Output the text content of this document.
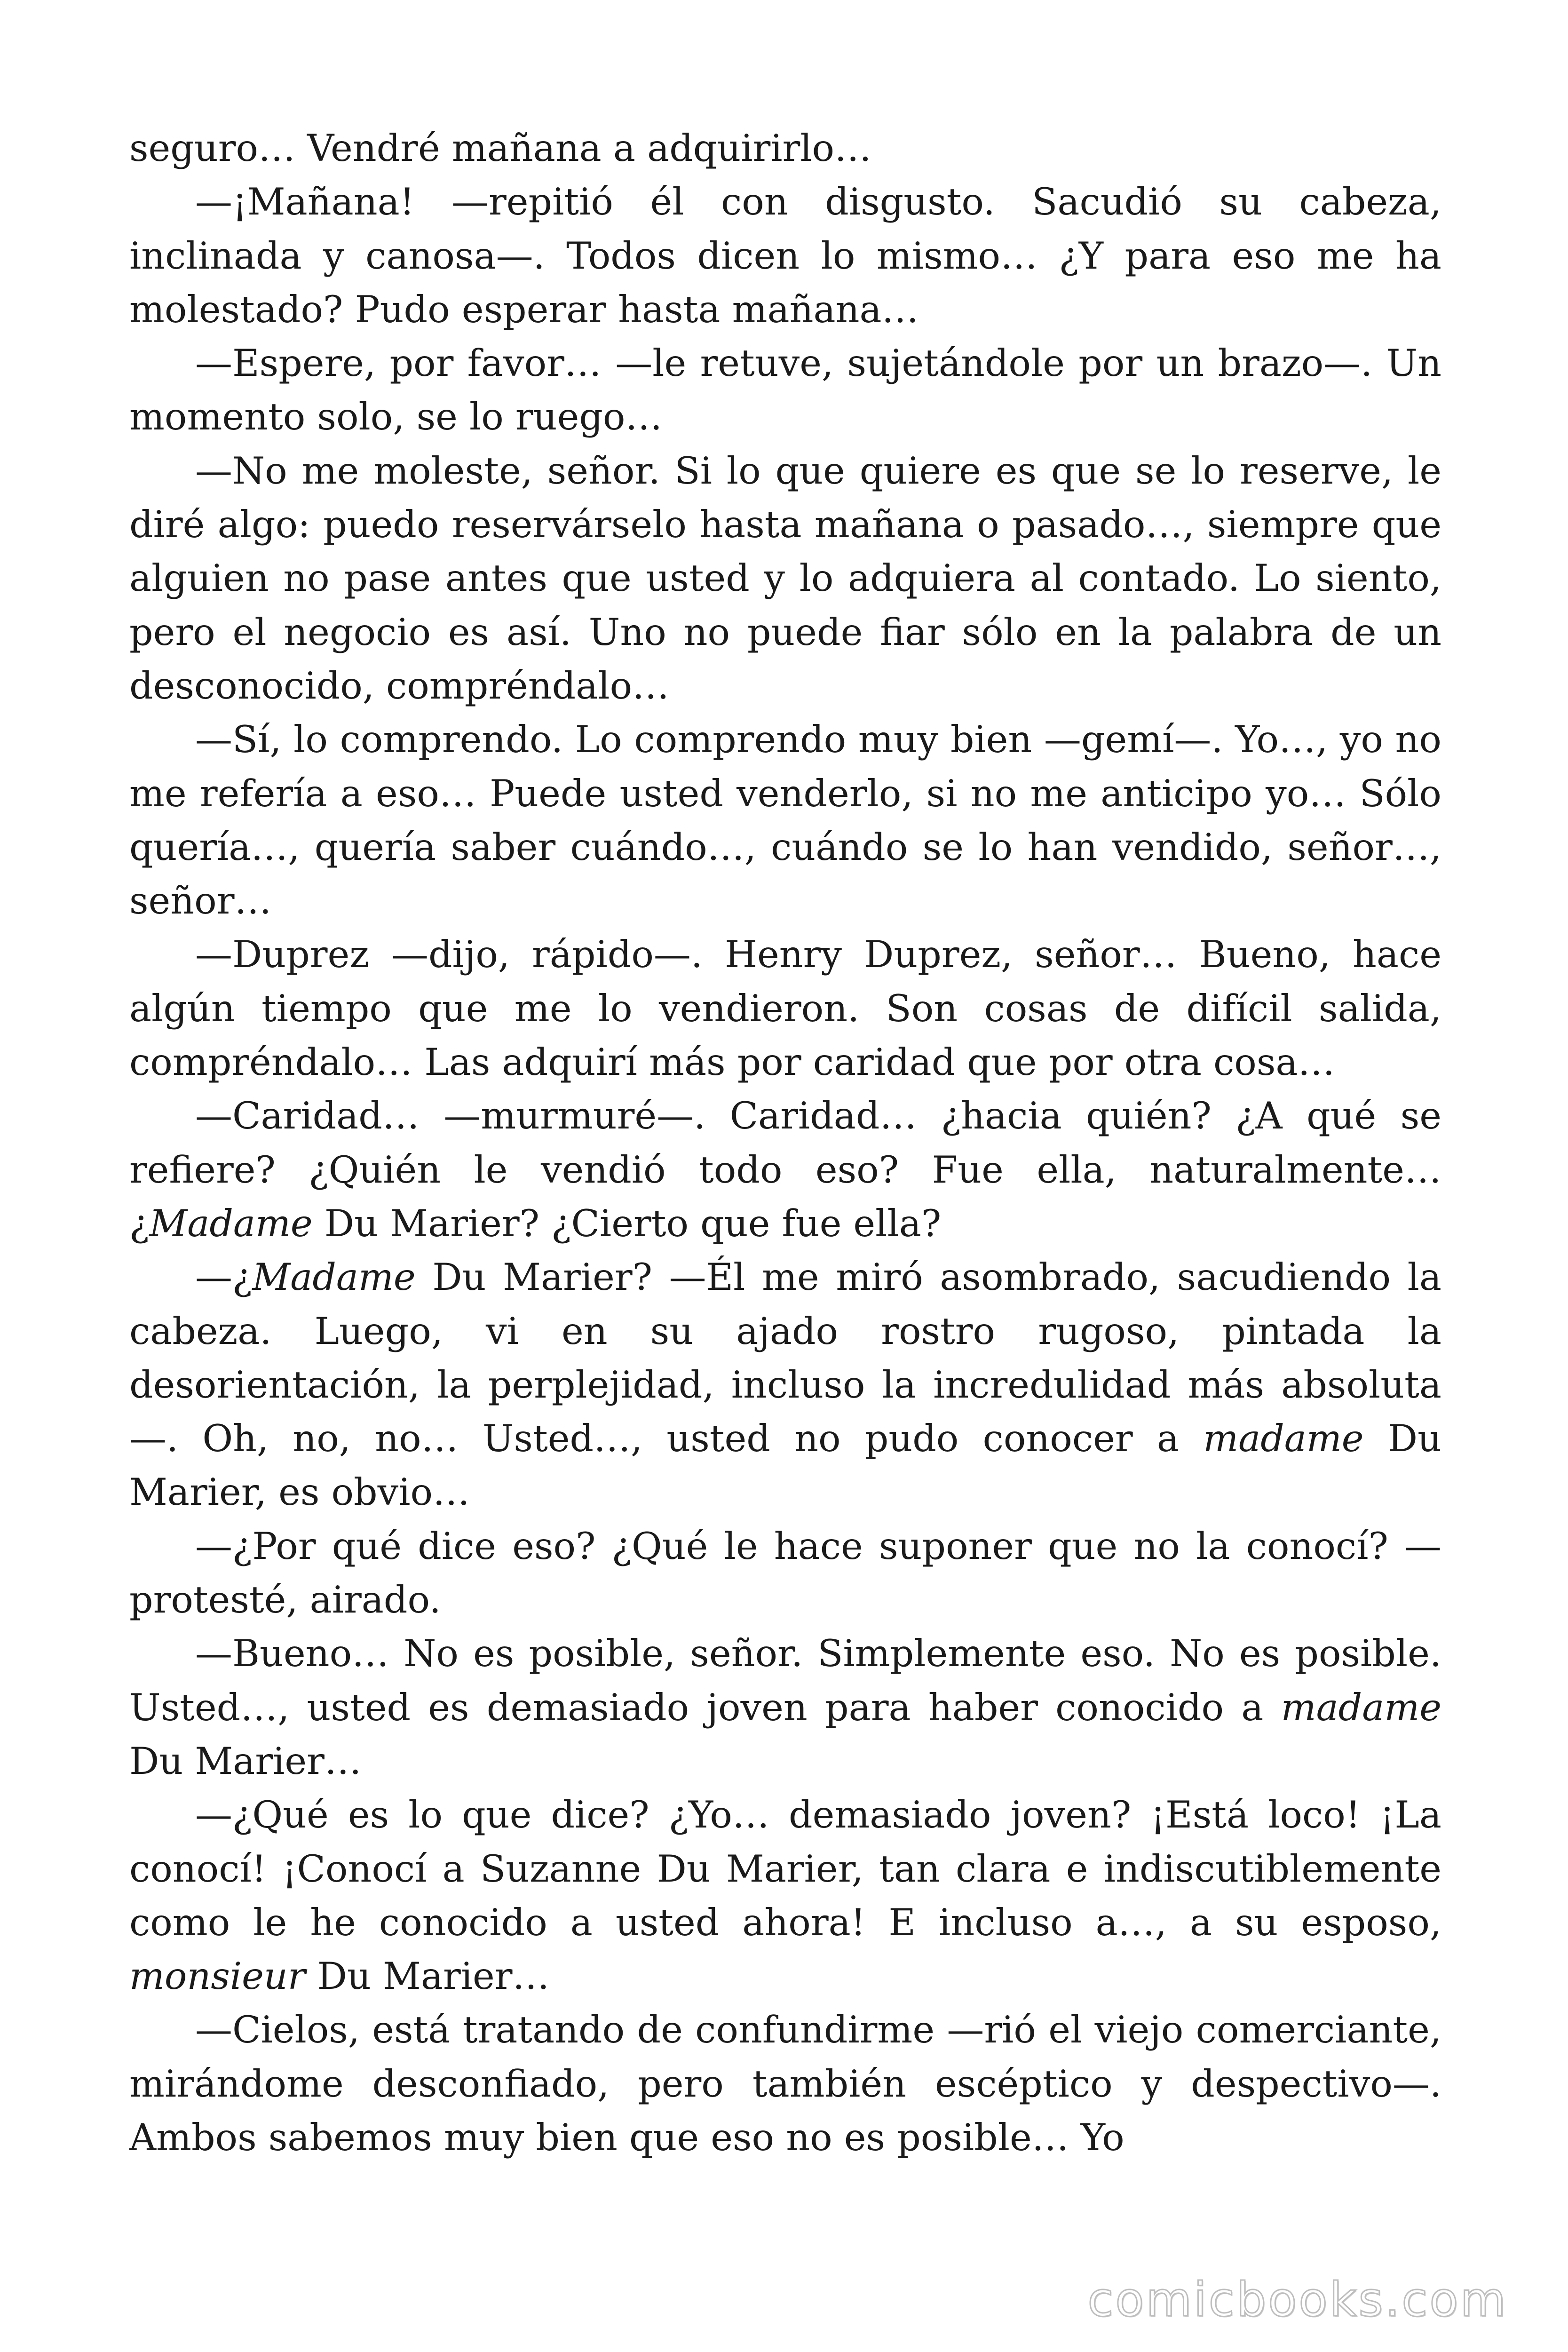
seguro… Vendré mañana a adquirirlo…

—¡Mañana! —repitió él con disgusto. Sacudió su cabeza, inclinada y canosa—. Todos dicen lo mismo… ¿Y para eso me ha molestado? Pudo esperar hasta mañana…

—Espere, por favor… —le retuve, sujetándole por un brazo—. Un momento solo, se lo ruego…

—No me moleste, señor. Si lo que quiere es que se lo reserve, le diré algo: puedo reservárselo hasta mañana o pasado…, siempre que alguien no pase antes que usted y lo adquiera al contado. Lo siento, pero el negocio es así. Uno no puede fiar sólo en la palabra de un desconocido, compréndalo…

—Sí, lo comprendo. Lo comprendo muy bien —gemí—. Yo…, yo no me refería a eso… Puede usted venderlo, si no me anticipo yo… Sólo quería…, quería saber cuándo…, cuándo se lo han vendido, señor…, señor…

—Duprez —dijo, rápido—. Henry Duprez, señor… Bueno, hace algún tiempo que me lo vendieron. Son cosas de difícil salida, compréndalo… Las adquirí más por caridad que por otra cosa…

—Caridad… —murmuré—. Caridad… ¿hacia quién? ¿A qué se refiere? ¿Quién le vendió todo eso? Fue ella, naturalmente… ¿Madame Du Marier? ¿Cierto que fue ella?

—¿Madame Du Marier? —Él me miró asombrado, sacudiendo la cabeza. Luego, vi en su ajado rostro rugoso, pintada la desorientación, la perplejidad, incluso la incredulidad más absoluta —. Oh, no, no… Usted…, usted no pudo conocer a madame Du Marier, es obvio…

—¿Por qué dice eso? ¿Qué le hace suponer que no la conocí? —protesté, airado.

—Bueno… No es posible, señor. Simplemente eso. No es posible. Usted…, usted es demasiado joven para haber conocido a madame Du Marier…

—¿Qué es lo que dice? ¿Yo… demasiado joven? ¡Está loco! ¡La conocí! ¡Conocí a Suzanne Du Marier, tan clara e indiscutiblemente como le he conocido a usted ahora! E incluso a…, a su esposo, monsieur Du Marier…

—Cielos, está tratando de confundirme —rió el viejo comerciante, mirándome desconfiado, pero también escéptico y despectivo—. Ambos sabemos muy bien que eso no es posible… Yo

comicbooks.com
